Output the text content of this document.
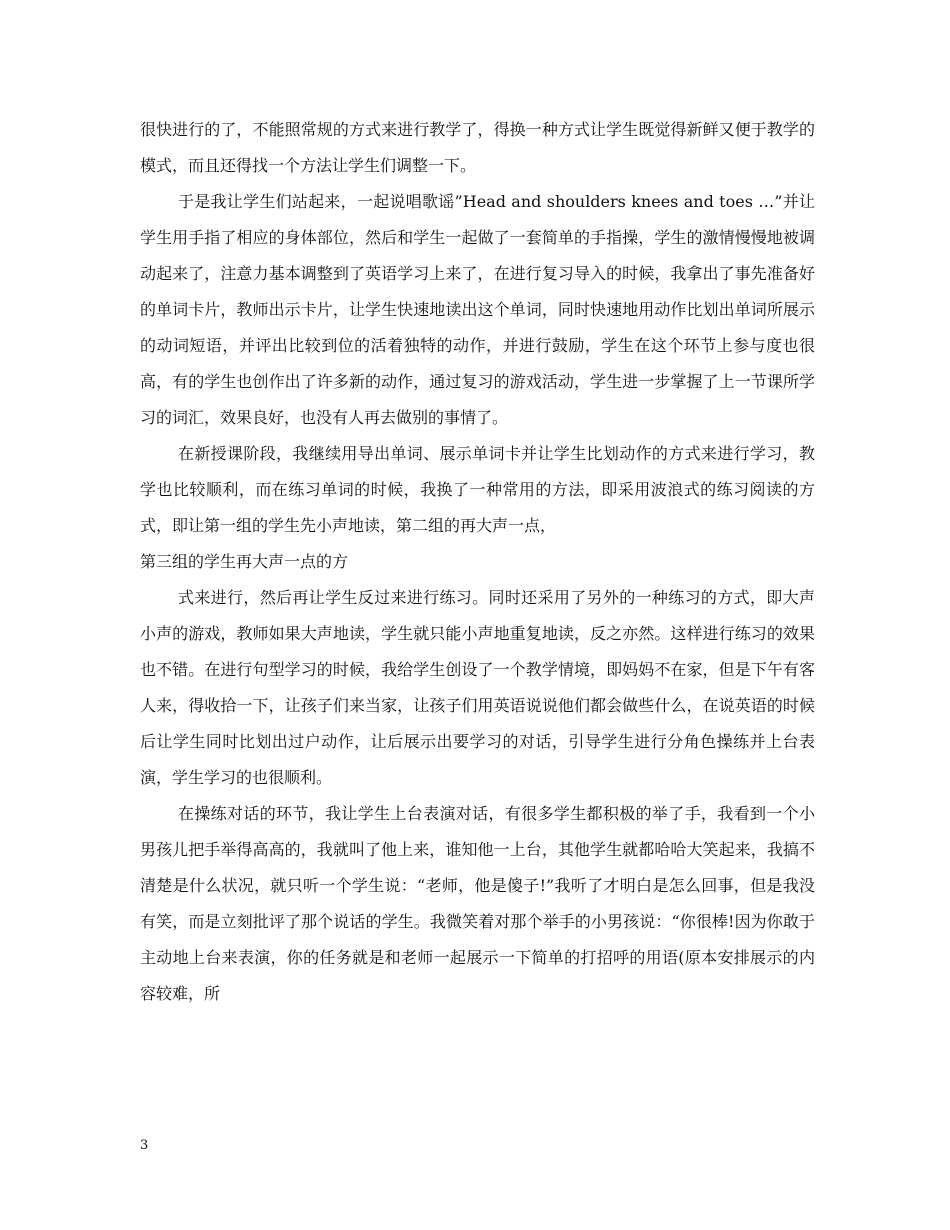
很快进行的了，不能照常规的方式来进行教学了，得换一种方式让学生既觉得新鲜又便于教学的模式，而且还得找一个方法让学生们调整一下。

于是我让学生们站起来，一起说唱歌谣”Head and shoulders knees and toes …”并让学生用手指了相应的身体部位，然后和学生一起做了一套简单的手指操，学生的激情慢慢地被调动起来了，注意力基本调整到了英语学习上来了，在进行复习导入的时候，我拿出了事先准备好的单词卡片，教师出示卡片，让学生快速地读出这个单词，同时快速地用动作比划出单词所展示的动词短语，并评出比较到位的活着独特的动作，并进行鼓励，学生在这个环节上参与度也很高，有的学生也创作出了许多新的动作，通过复习的游戏活动，学生进一步掌握了上一节课所学习的词汇，效果良好，也没有人再去做别的事情了。

在新授课阶段，我继续用导出单词、展示单词卡并让学生比划动作的方式来进行学习，教学也比较顺利，而在练习单词的时候，我换了一种常用的方法，即采用波浪式的练习阅读的方式，即让第一组的学生先小声地读，第二组的再大声一点，

第三组的学生再大声一点的方

式来进行，然后再让学生反过来进行练习。同时还采用了另外的一种练习的方式，即大声小声的游戏，教师如果大声地读，学生就只能小声地重复地读，反之亦然。这样进行练习的效果也不错。在进行句型学习的时候，我给学生创设了一个教学情境，即妈妈不在家，但是下午有客人来，得收拾一下，让孩子们来当家，让孩子们用英语说说他们都会做些什么，在说英语的时候后让学生同时比划出过户动作，让后展示出要学习的对话，引导学生进行分角色操练并上台表演，学生学习的也很顺利。

在操练对话的环节，我让学生上台表演对话，有很多学生都积极的举了手，我看到一个小男孩儿把手举得高高的，我就叫了他上来，谁知他一上台，其他学生就都哈哈大笑起来，我搞不清楚是什么状况，就只听一个学生说：“老师，他是傻子!”我听了才明白是怎么回事，但是我没有笑，而是立刻批评了那个说话的学生。我微笑着对那个举手的小男孩说：“你很棒!因为你敢于主动地上台来表演，你的任务就是和老师一起展示一下简单的打招呼的用语(原本安排展示的内容较难，所

3
